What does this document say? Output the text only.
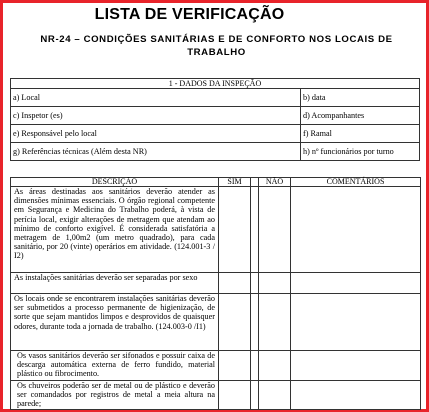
LISTA DE VERIFICAÇÃO
NR-24 – CONDIÇÕES SANITÁRIAS E DE CONFORTO NOS LOCAIS DE TRABALHO
1 - DADOS DA INSPEÇÃO	
a) Local	b) data
c) Inspetor (es)	d) Acompanhantes
e) Responsável pelo local	f) Ramal
g) Referências técnicas (Além desta NR)	h) nº funcionários por turno
DESCRIÇÃO	SIM		NÃO	COMENTÁRIOS
As áreas destinadas aos sanitários deverão atender as dimensões mínimas essenciais. O órgão regional competente em Segurança e Medicina do Trabalho poderá, à vista de perícia local, exigir alterações de metragem que atendam ao mínimo de conforto exigível. É considerada satisfatória a metragem de 1,00m2 (um metro quadrado), para cada sanitário, por 20 (vinte) operários em atividade. (124.001-3 / I2)				
As instalações sanitárias deverão ser separadas por sexo				
Os locais onde se encontrarem instalações sanitárias deverão ser submetidos a processo permanente de higienização, de sorte que sejam mantidos limpos e desprovidos de quaisquer odores, durante toda a jornada de trabalho. (124.003-0 /I1)				
Os vasos sanitários deverão ser sifonados e possuir caixa de descarga automática externa de ferro fundido, material plástico ou fibrocimento.				
Os chuveiros poderão ser de metal ou de plástico e deverão ser comandados por registros de metal a meia altura na parede;				
